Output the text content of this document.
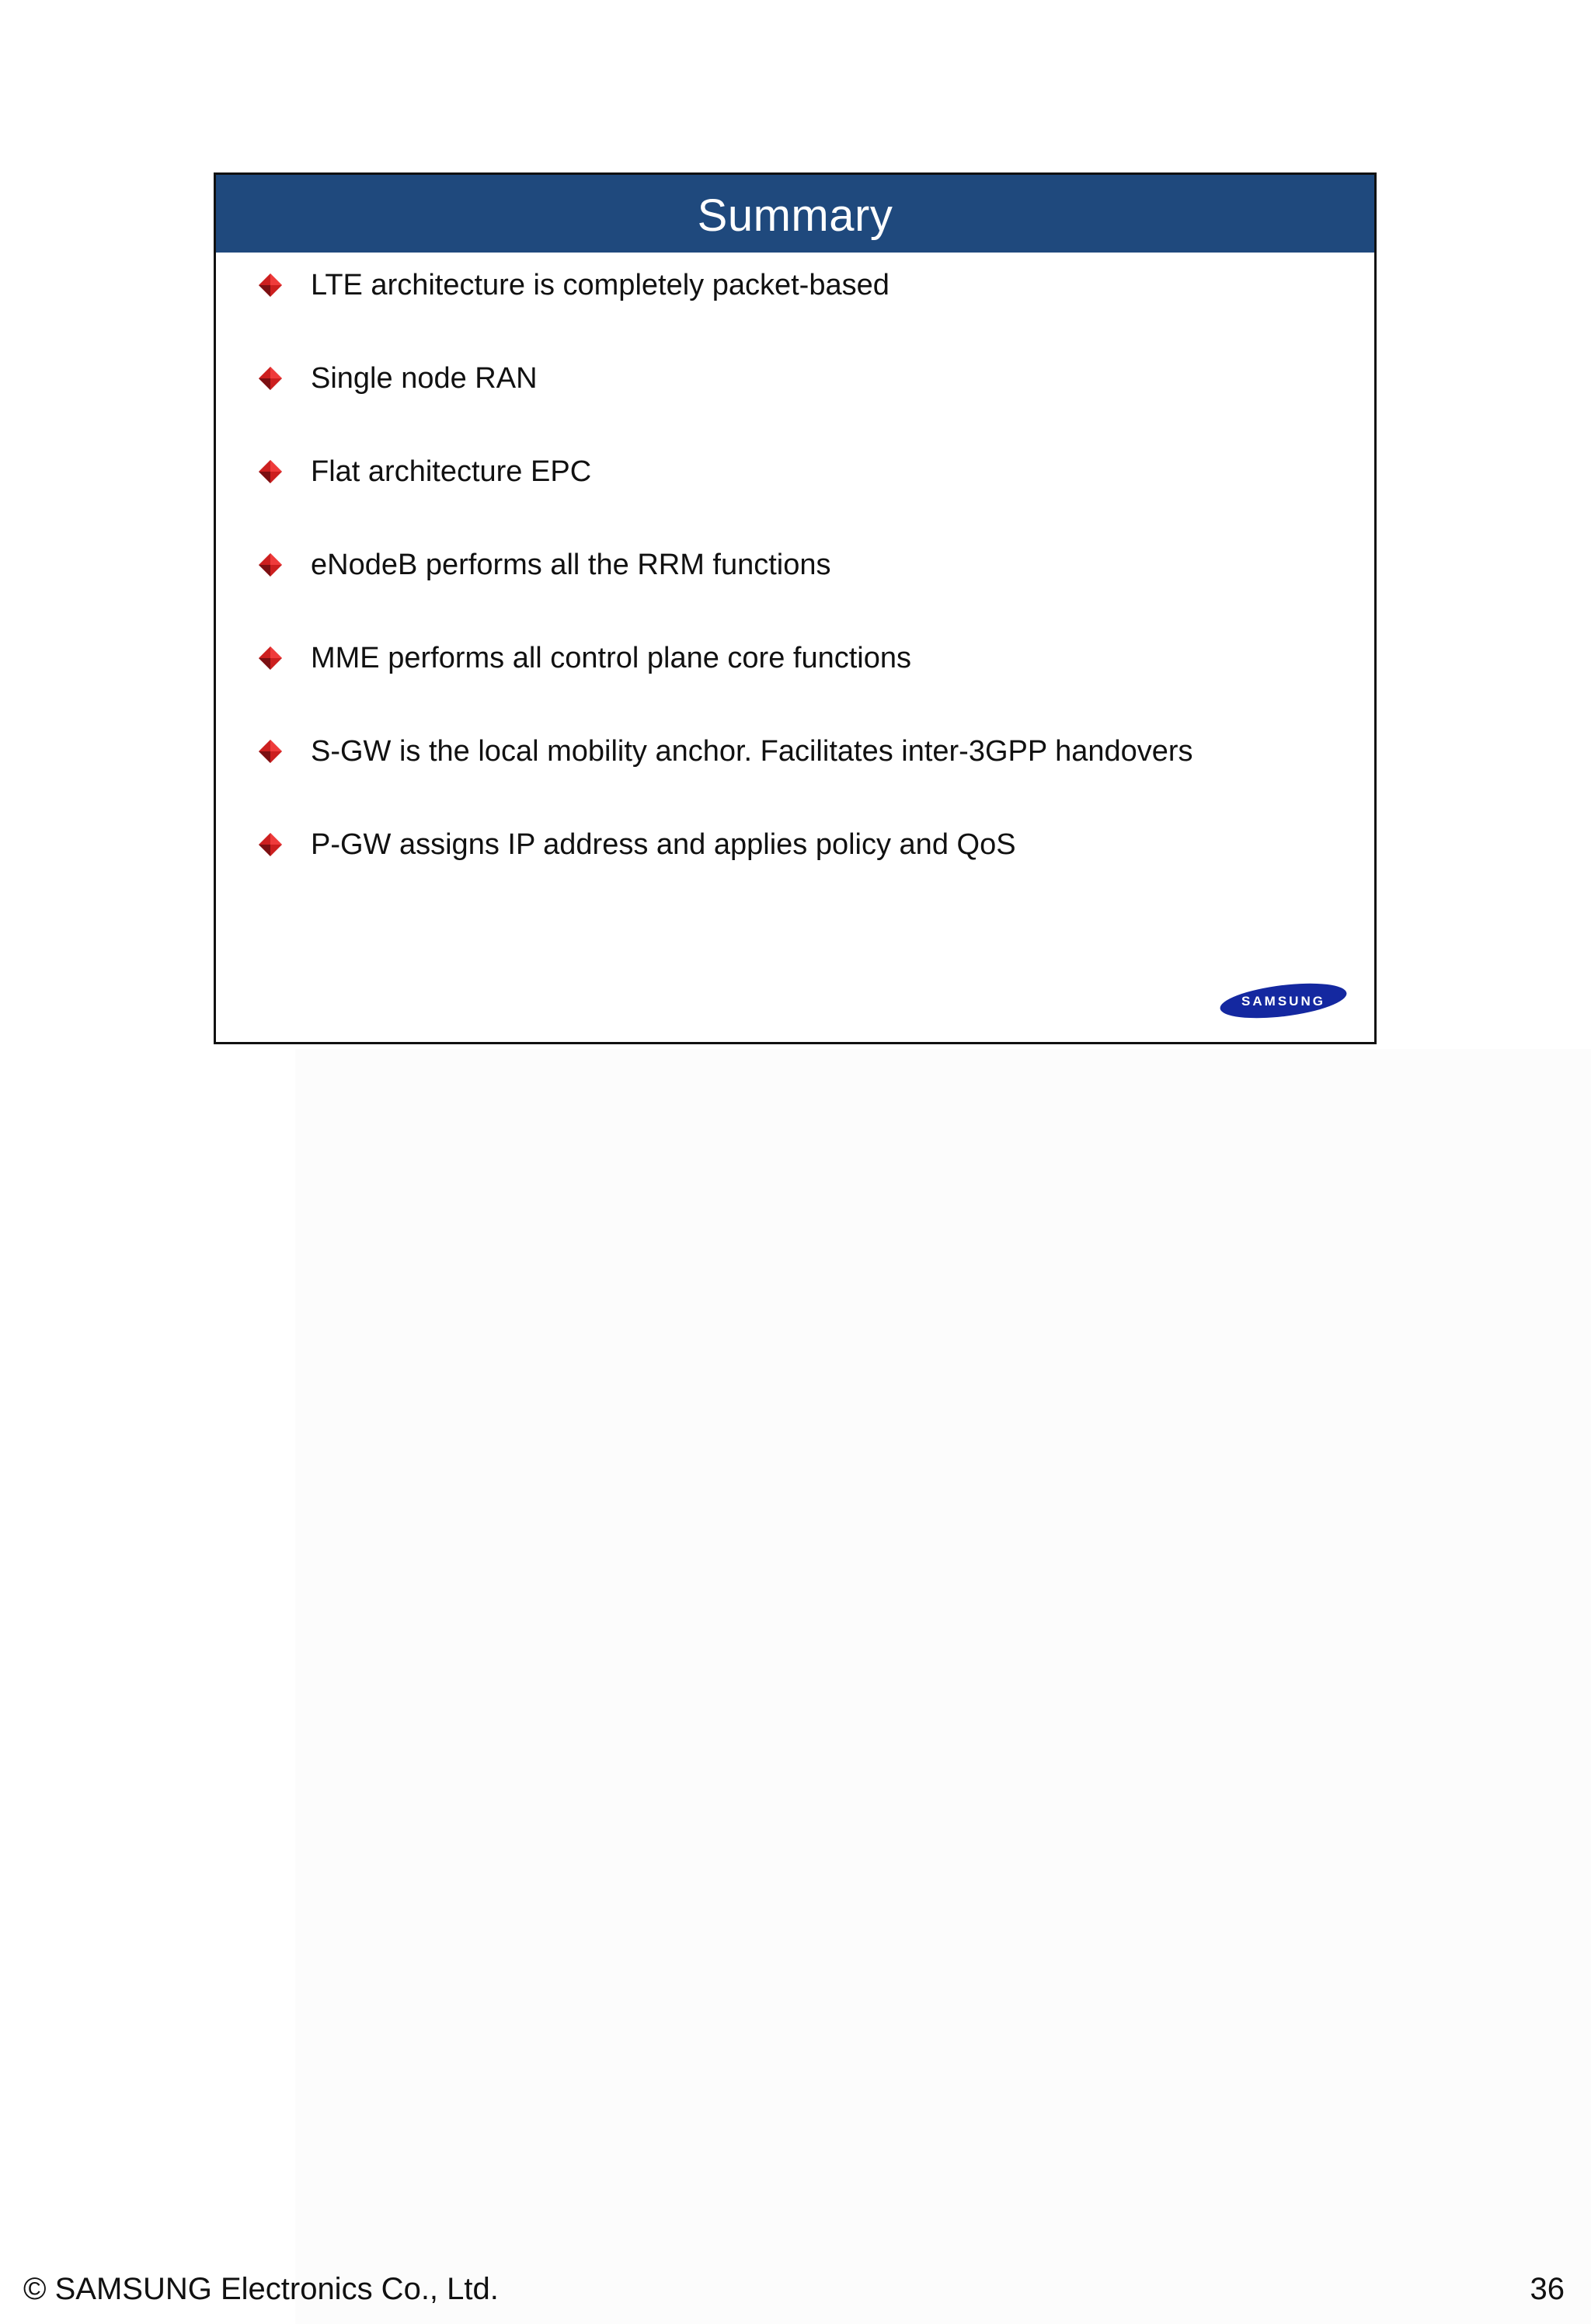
Summary
LTE architecture is completely packet-based
Single node RAN
Flat architecture EPC
eNodeB performs all the RRM functions
MME performs all control plane core functions
S-GW is the local mobility anchor. Facilitates inter-3GPP handovers
P-GW assigns IP address and applies policy and QoS
SAMSUNG
© SAMSUNG Electronics Co., Ltd.	36
